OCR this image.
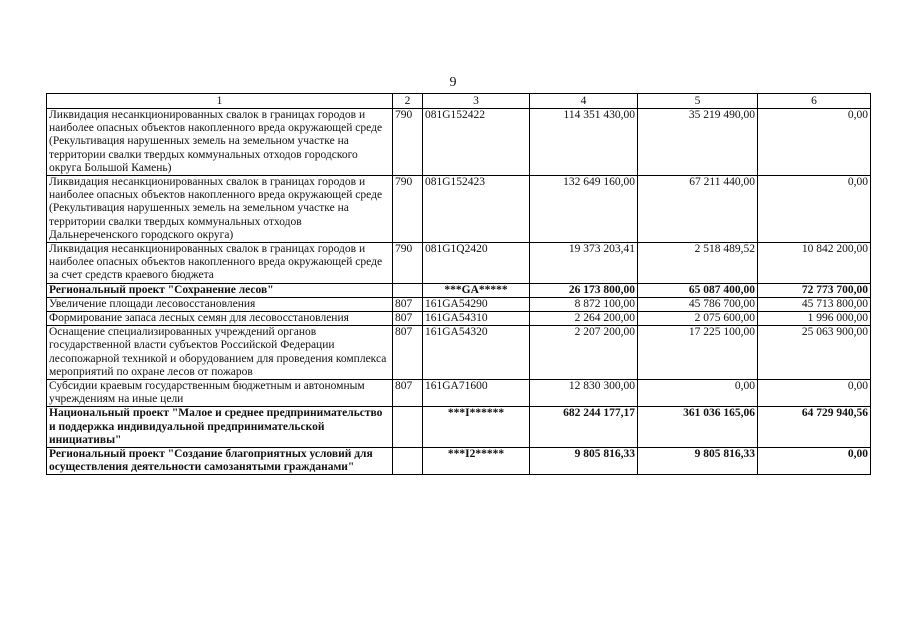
9
1	2	3	4	5	6
Ликвидация несанкционированных свалок в границах городов и наиболее опасных объектов накопленного вреда окружающей среде (Рекультивация нарушенных земель на земельном участке на территории свалки твердых коммунальных отходов городского округа Большой Камень)	790	081G152422	114 351 430,00	35 219 490,00	0,00
Ликвидация несанкционированных свалок в границах городов и наиболее опасных объектов накопленного вреда окружающей среде (Рекультивация нарушенных земель на земельном участке на территории свалки твердых коммунальных отходов Дальнереченского городского округа)	790	081G152423	132 649 160,00	67 211 440,00	0,00
Ликвидация несанкционированных свалок в границах городов и наиболее опасных объектов накопленного вреда окружающей среде за счет средств краевого бюджета	790	081G1Q2420	19 373 203,41	2 518 489,52	10 842 200,00
Региональный проект "Сохранение лесов"		***GA*****	26 173 800,00	65 087 400,00	72 773 700,00
Увеличение площади лесовосстановления	807	161GA54290	8 872 100,00	45 786 700,00	45 713 800,00
Формирование запаса лесных семян для лесовосстановления	807	161GA54310	2 264 200,00	2 075 600,00	1 996 000,00
Оснащение специализированных учреждений органов государственной власти субъектов Российской Федерации лесопожарной техникой и оборудованием для проведения комплекса мероприятий по охране лесов от пожаров	807	161GA54320	2 207 200,00	17 225 100,00	25 063 900,00
Субсидии краевым государственным бюджетным и автономным учреждениям на иные цели	807	161GA71600	12 830 300,00	0,00	0,00
Национальный проект "Малое и среднее предпринимательство и поддержка индивидуальной предпринимательской инициативы"		***I******	682 244 177,17	361 036 165,06	64 729 940,56
Региональный проект "Создание благоприятных условий для осуществления деятельности самозанятыми гражданами"		***I2*****	9 805 816,33	9 805 816,33	0,00
